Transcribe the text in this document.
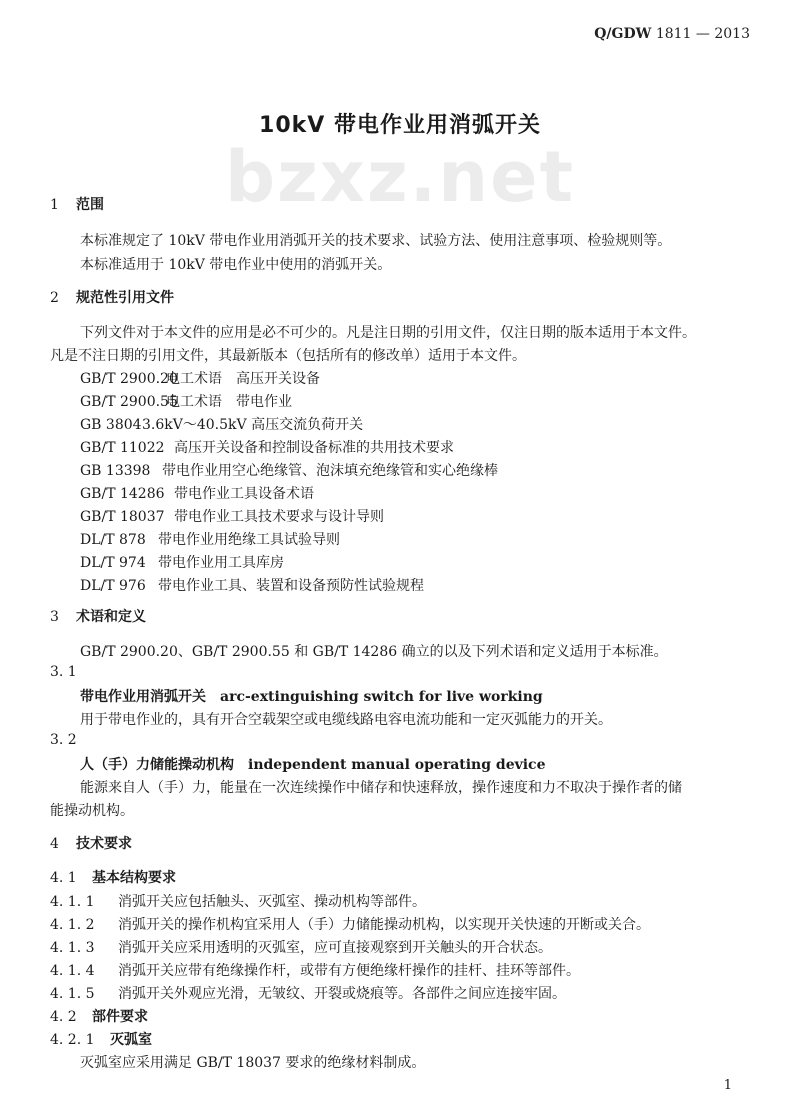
Q/GDW 1811 — 2013
bzxz.net
10kV 带电作业用消弧开关
1 范围
本标准规定了 10kV 带电作业用消弧开关的技术要求、试验方法、使用注意事项、检验规则等。
本标准适用于 10kV 带电作业中使用的消弧开关。
2 规范性引用文件
下列文件对于本文件的应用是必不可少的。凡是注日期的引用文件，仅注日期的版本适用于本文件。
凡是不注日期的引用文件，其最新版本（包括所有的修改单）适用于本文件。
GB/T 2900.20电工术语　高压开关设备
GB/T 2900.55电工术语　带电作业
GB 38043.6kV～40.5kV 高压交流负荷开关
GB/T 11022 高压开关设备和控制设备标准的共用技术要求
GB 13398 带电作业用空心绝缘管、泡沫填充绝缘管和实心绝缘棒
GB/T 14286 带电作业工具设备术语
GB/T 18037 带电作业工具技术要求与设计导则
DL/T 878 带电作业用绝缘工具试验导则
DL/T 974 带电作业用工具库房
DL/T 976 带电作业工具、装置和设备预防性试验规程
3 术语和定义
GB/T 2900.20、GB/T 2900.55 和 GB/T 14286 确立的以及下列术语和定义适用于本标准。
3. 1
带电作业用消弧开关 arc-extinguishing switch for live working
用于带电作业的，具有开合空载架空或电缆线路电容电流功能和一定灭弧能力的开关。
3. 2
人（手）力储能操动机构 independent manual operating device
能源来自人（手）力，能量在一次连续操作中储存和快速释放，操作速度和力不取决于操作者的储
能操动机构。
4 技术要求
4. 1 基本结构要求
4. 1. 1 消弧开关应包括触头、灭弧室、操动机构等部件。
4. 1. 2 消弧开关的操作机构宜采用人（手）力储能操动机构，以实现开关快速的开断或关合。
4. 1. 3 消弧开关应采用透明的灭弧室，应可直接观察到开关触头的开合状态。
4. 1. 4 消弧开关应带有绝缘操作杆，或带有方便绝缘杆操作的挂杆、挂环等部件。
4. 1. 5 消弧开关外观应光滑，无皱纹、开裂或烧痕等。各部件之间应连接牢固。
4. 2 部件要求
4. 2. 1 灭弧室
灭弧室应采用满足 GB/T 18037 要求的绝缘材料制成。
1
